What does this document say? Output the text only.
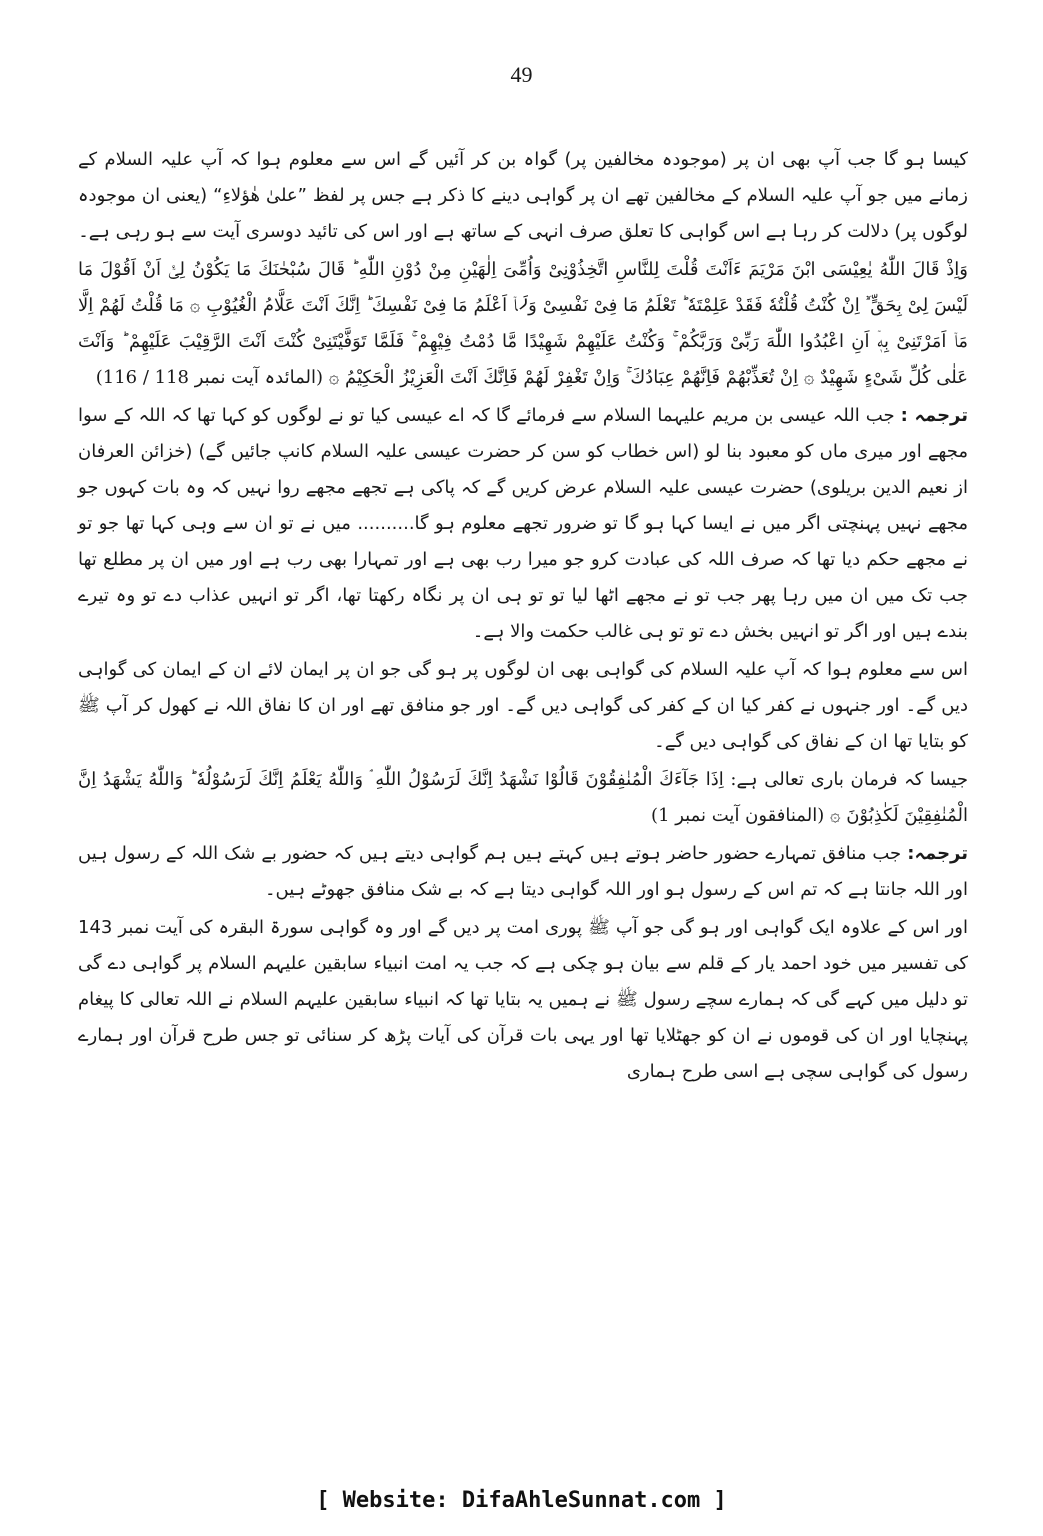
49

کیسا ہو گا جب آپ بھی ان پر (موجودہ مخالفین پر) گواہ بن کر آئیں گے اس سے معلوم ہوا کہ آپ علیہ السلام کے زمانے میں جو آپ علیہ السلام کے مخالفین تھے ان پر گواہی دینے کا ذکر ہے جس پر لفظ ”علیٰ ھٰؤلاءِ“ (یعنی ان موجودہ لوگوں پر) دلالت کر رہا ہے اس گواہی کا تعلق صرف انہی کے ساتھ ہے اور اس کی تائید دوسری آیت سے ہو رہی ہے۔

وَاِذْ قَالَ اللّٰهُ یٰعِیْسَى ابْنَ مَرْیَمَ ءَاَنْتَ قُلْتَ لِلنَّاسِ اتَّخِذُوْنِیْ وَاُمِّیَ اِلٰهَیْنِ مِنْ دُوْنِ اللّٰهِ ؕ قَالَ سُبْحٰنَكَ مَا یَكُوْنُ لِیْۤ اَنْ اَقُوْلَ مَا لَیْسَ لِیْ بِحَقٍّ ؔؕ اِنْ كُنْتُ قُلْتُهٗ فَقَدْ عَلِمْتَهٗ ؕ تَعْلَمُ مَا فِیْ نَفْسِیْ وَلَاۤ اَعْلَمُ مَا فِیْ نَفْسِكَ ؕ اِنَّكَ اَنْتَ عَلَّامُ الْغُیُوْبِ ۞ مَا قُلْتُ لَهُمْ اِلَّا مَاۤ اَمَرْتَنِیْ بِهٖۤ اَنِ اعْبُدُوا اللّٰهَ رَبِّیْ وَرَبَّكُمْ ۚ وَكُنْتُ عَلَیْهِمْ شَهِیْدًا مَّا دُمْتُ فِیْهِمْ ۚ فَلَمَّا تَوَفَّیْتَنِیْ كُنْتَ اَنْتَ الرَّقِیْبَ عَلَیْهِمْ ؕ وَاَنْتَ عَلٰى كُلِّ شَیْءٍ شَهِیْدٌ ۞ اِنْ تُعَذِّبْهُمْ فَاِنَّهُمْ عِبَادُكَ ۚ وَاِنْ تَغْفِرْ لَهُمْ فَاِنَّكَ اَنْتَ الْعَزِیْزُ الْحَكِیْمُ ۞ (المائدہ آیت نمبر 118 / 116)

ترجمہ : جب اللہ عیسی بن مریم علیہما السلام سے فرمائے گا کہ اے عیسی کیا تو نے لوگوں کو کہا تھا کہ اللہ کے سوا مجھے اور میری ماں کو معبود بنا لو (اس خطاب کو سن کر حضرت عیسی علیہ السلام کانپ جائیں گے) (خزائن العرفان از نعیم الدین بریلوی) حضرت عیسی علیہ السلام عرض کریں گے کہ پاکی ہے تجھے مجھے روا نہیں کہ وہ بات کہوں جو مجھے نہیں پہنچتی اگر میں نے ایسا کہا ہو گا تو ضرور تجھے معلوم ہو گا.......... میں نے تو ان سے وہی کہا تھا جو تو نے مجھے حکم دیا تھا کہ صرف اللہ کی عبادت کرو جو میرا رب بھی ہے اور تمہارا بھی رب ہے اور میں ان پر مطلع تھا جب تک میں ان میں رہا پھر جب تو نے مجھے اٹھا لیا تو تو ہی ان پر نگاہ رکھتا تھا، اگر تو انہیں عذاب دے تو وہ تیرے بندے ہیں اور اگر تو انہیں بخش دے تو تو ہی غالب حکمت والا ہے۔

اس سے معلوم ہوا کہ آپ علیہ السلام کی گواہی بھی ان لوگوں پر ہو گی جو ان پر ایمان لائے ان کے ایمان کی گواہی دیں گے۔ اور جنہوں نے کفر کیا ان کے کفر کی گواہی دیں گے۔ اور جو منافق تھے اور ان کا نفاق اللہ نے کھول کر آپ ﷺ کو بتایا تھا ان کے نفاق کی گواہی دیں گے۔

جیسا کہ فرمان باری تعالی ہے: اِذَا جَآءَكَ الْمُنٰفِقُوْنَ قَالُوْا نَشْهَدُ اِنَّكَ لَرَسُوْلُ اللّٰهِ ۘ وَاللّٰهُ یَعْلَمُ اِنَّكَ لَرَسُوْلُهٗ ؕ وَاللّٰهُ یَشْهَدُ اِنَّ الْمُنٰفِقِیْنَ لَكٰذِبُوْنَ ۞ (المنافقون آیت نمبر 1)

ترجمہ: جب منافق تمہارے حضور حاضر ہوتے ہیں کہتے ہیں ہم گواہی دیتے ہیں کہ حضور بے شک اللہ کے رسول ہیں اور اللہ جانتا ہے کہ تم اس کے رسول ہو اور اللہ گواہی دیتا ہے کہ بے شک منافق جھوٹے ہیں۔

اور اس کے علاوہ ایک گواہی اور ہو گی جو آپ ﷺ پوری امت پر دیں گے اور وہ گواہی سورۃ البقرہ کی آیت نمبر 143 کی تفسیر میں خود احمد یار کے قلم سے بیان ہو چکی ہے کہ جب یہ امت انبیاء سابقین علیہم السلام پر گواہی دے گی تو دلیل میں کہے گی کہ ہمارے سچے رسول ﷺ نے ہمیں یہ بتایا تھا کہ انبیاء سابقین علیہم السلام نے اللہ تعالی کا پیغام پہنچایا اور ان کی قوموں نے ان کو جھٹلایا تھا اور یہی بات قرآن کی آیات پڑھ کر سنائی تو جس طرح قرآن اور ہمارے رسول کی گواہی سچی ہے اسی طرح ہماری

[ Website: DifaAhleSunnat.com ]
